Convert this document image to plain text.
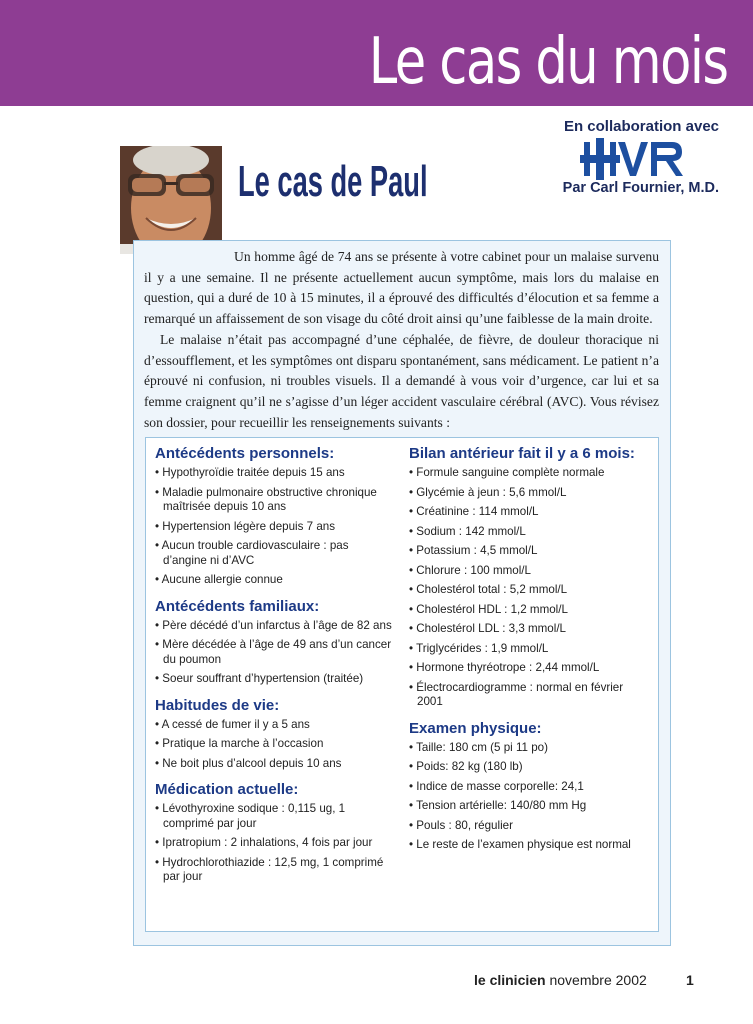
Le cas du mois
En collaboration avec
Par Carl Fournier, M.D.
Le cas de Paul

Un homme âgé de 74 ans se présente à votre cabinet pour un malaise survenu il y a une semaine. Il ne présente actuellement aucun symptôme, mais lors du malaise en question, qui a duré de 10 à 15 minutes, il a éprouvé des difficultés d’élocution et sa femme a remarqué un affaissement de son visage du côté droit ainsi qu’une faiblesse de la main droite.

Le malaise n’était pas accompagné d’une céphalée, de fièvre, de douleur thoracique ni d’essoufflement, et les symptômes ont disparu spontanément, sans médicament. Le patient n’a éprouvé ni confusion, ni troubles visuels. Il a demandé à vous voir d’urgence, car lui et sa femme craignent qu’il ne s’agisse d’un léger accident vasculaire cérébral (AVC). Vous révisez son dossier, pour recueillir les renseignements suivants :

Antécédents personnels:
• Hypothyroïdie traitée depuis 15 ans
• Maladie pulmonaire obstructive chronique maîtrisée depuis 10 ans
• Hypertension légère depuis 7 ans
• Aucun trouble cardiovasculaire : pas d’angine ni d’AVC
• Aucune allergie connue
Antécédents familiaux:
• Père décédé d’un infarctus à l’âge de 82 ans
• Mère décédée à l’âge de 49 ans d’un cancer du poumon
• Soeur souffrant d’hypertension (traitée)
Habitudes de vie:
• A cessé de fumer il y a 5 ans
• Pratique la marche à l’occasion
• Ne boit plus d’alcool depuis 10 ans
Médication actuelle:
• Lévothyroxine sodique : 0,115 ug, 1 comprimé par jour
• Ipratropium : 2 inhalations, 4 fois par jour
• Hydrochlorothiazide : 12,5 mg, 1 comprimé par jour
Bilan antérieur fait il y a 6 mois:
• Formule sanguine complète normale
• Glycémie à jeun : 5,6 mmol/L
• Créatinine : 114 mmol/L
• Sodium : 142 mmol/L
• Potassium : 4,5 mmol/L
• Chlorure : 100 mmol/L
• Cholestérol total : 5,2 mmol/L
• Cholestérol HDL : 1,2 mmol/L
• Cholestérol LDL : 3,3 mmol/L
• Triglycérides : 1,9 mmol/L
• Hormone thyréotrope : 2,44 mmol/L
• Électrocardiogramme : normal en février 2001
Examen physique:
• Taille: 180 cm (5 pi 11 po)
• Poids: 82 kg (180 lb)
• Indice de masse corporelle: 24,1
• Tension artérielle: 140/80 mm Hg
• Pouls : 80, régulier
• Le reste de l’examen physique est normal
le clinicien novembre 2002	1
